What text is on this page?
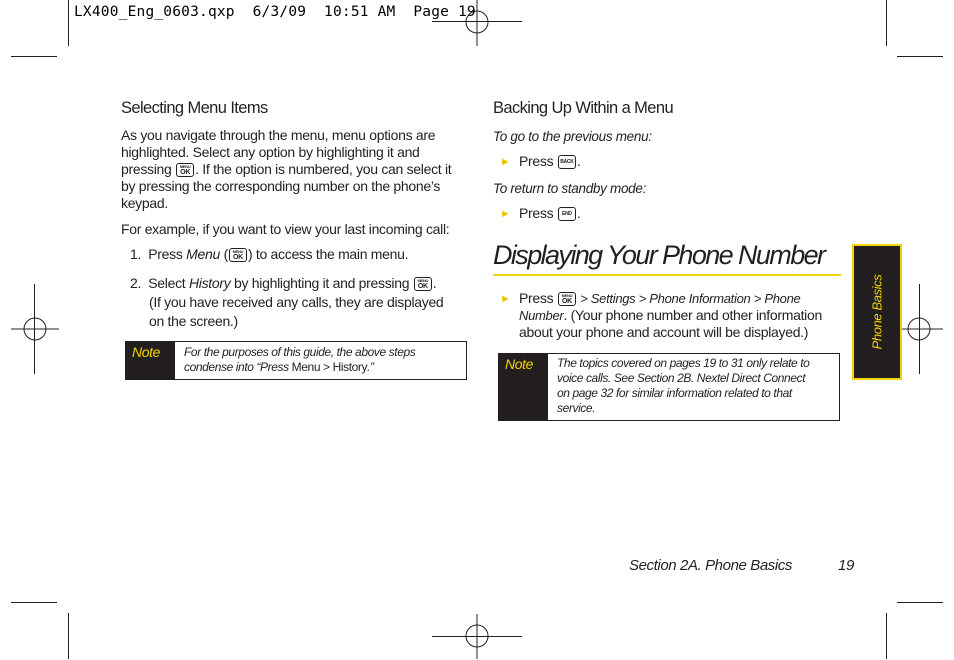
LX400_Eng_0603.qxp  6/3/09  10:51 AM  Page 19
Selecting Menu Items
As you navigate through the menu, menu options are
highlighted. Select any option by highlighting it and
pressing	MENU
OK . If the option is numbered, you can select it
by pressing the corresponding number on the phone’s
keypad.
For example, if you want to view your last incoming call:
1. Press Menu (	MENU
OK ) to access the main menu.
2. Select History by highlighting it and pressing	MENU
OK .
(If you have received any calls, they are displayed
on the screen.)
Note	For the purposes of this guide, the above steps
condense into “Press Menu > History.”
Backing Up Within a Menu
To go to the previous menu:
► Press BACK .
To return to standby mode:
► Press	END .
Displaying Your Phone Number
► Press	MENU
OK > Settings > Phone Information > Phone
Number. (Your phone number and other information
about your phone and account will be displayed.)
Note	The topics covered on pages 19 to 31 only relate to
voice calls. See Section 2B. Nextel Direct Connect
on page 32 for similar information related to that
service.
Phone Basics
Section 2A. Phone Basics	19
